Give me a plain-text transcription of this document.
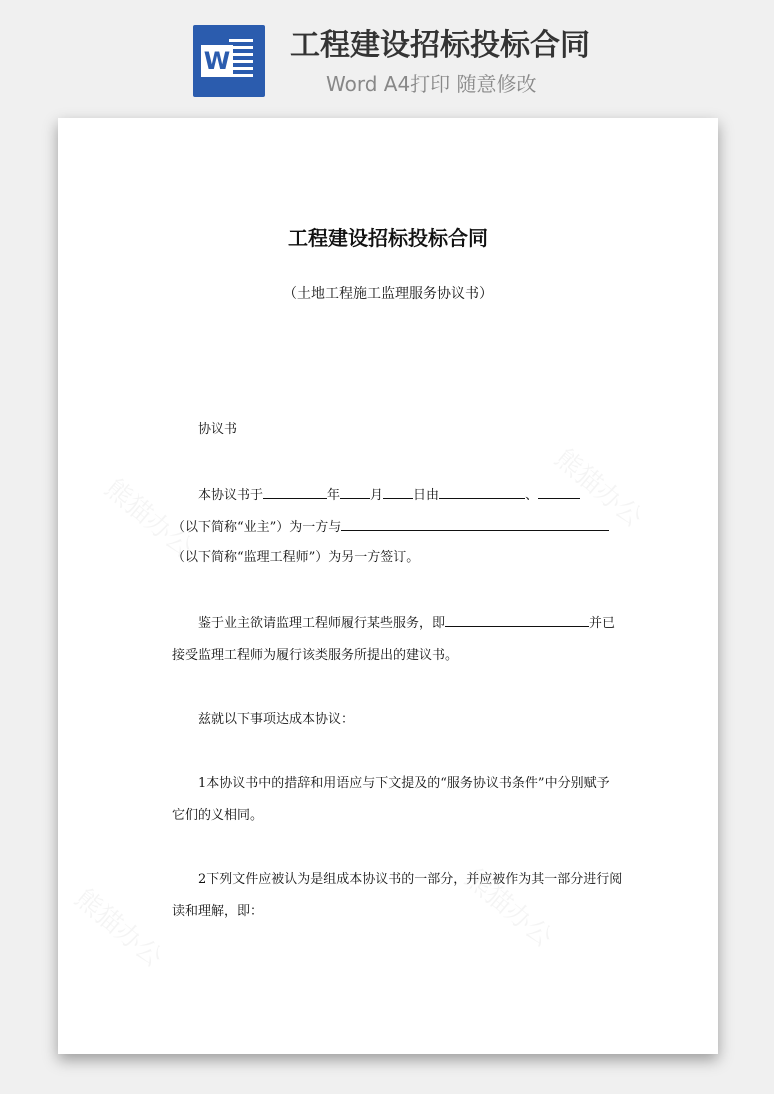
W 工程建设招标投标合同
Word A4打印 随意修改
工程建设招标投标合同
（土地工程施工监理服务协议书）
协议书
本协议书于	年 月 日由	、
（以下简称“业主”）为一方与
（以下简称“监理工程师”）为另一方签订。
鉴于业主欲请监理工程师履行某些服务，即	并已
接受监理工程师为履行该类服务所提出的建议书。
兹就以下事项达成本协议：
1本协议书中的措辞和用语应与下文提及的“服务协议书条件”中分别赋予
它们的义相同。
2下列文件应被认为是组成本协议书的一部分，并应被作为其一部分进行阅
读和理解，即：
